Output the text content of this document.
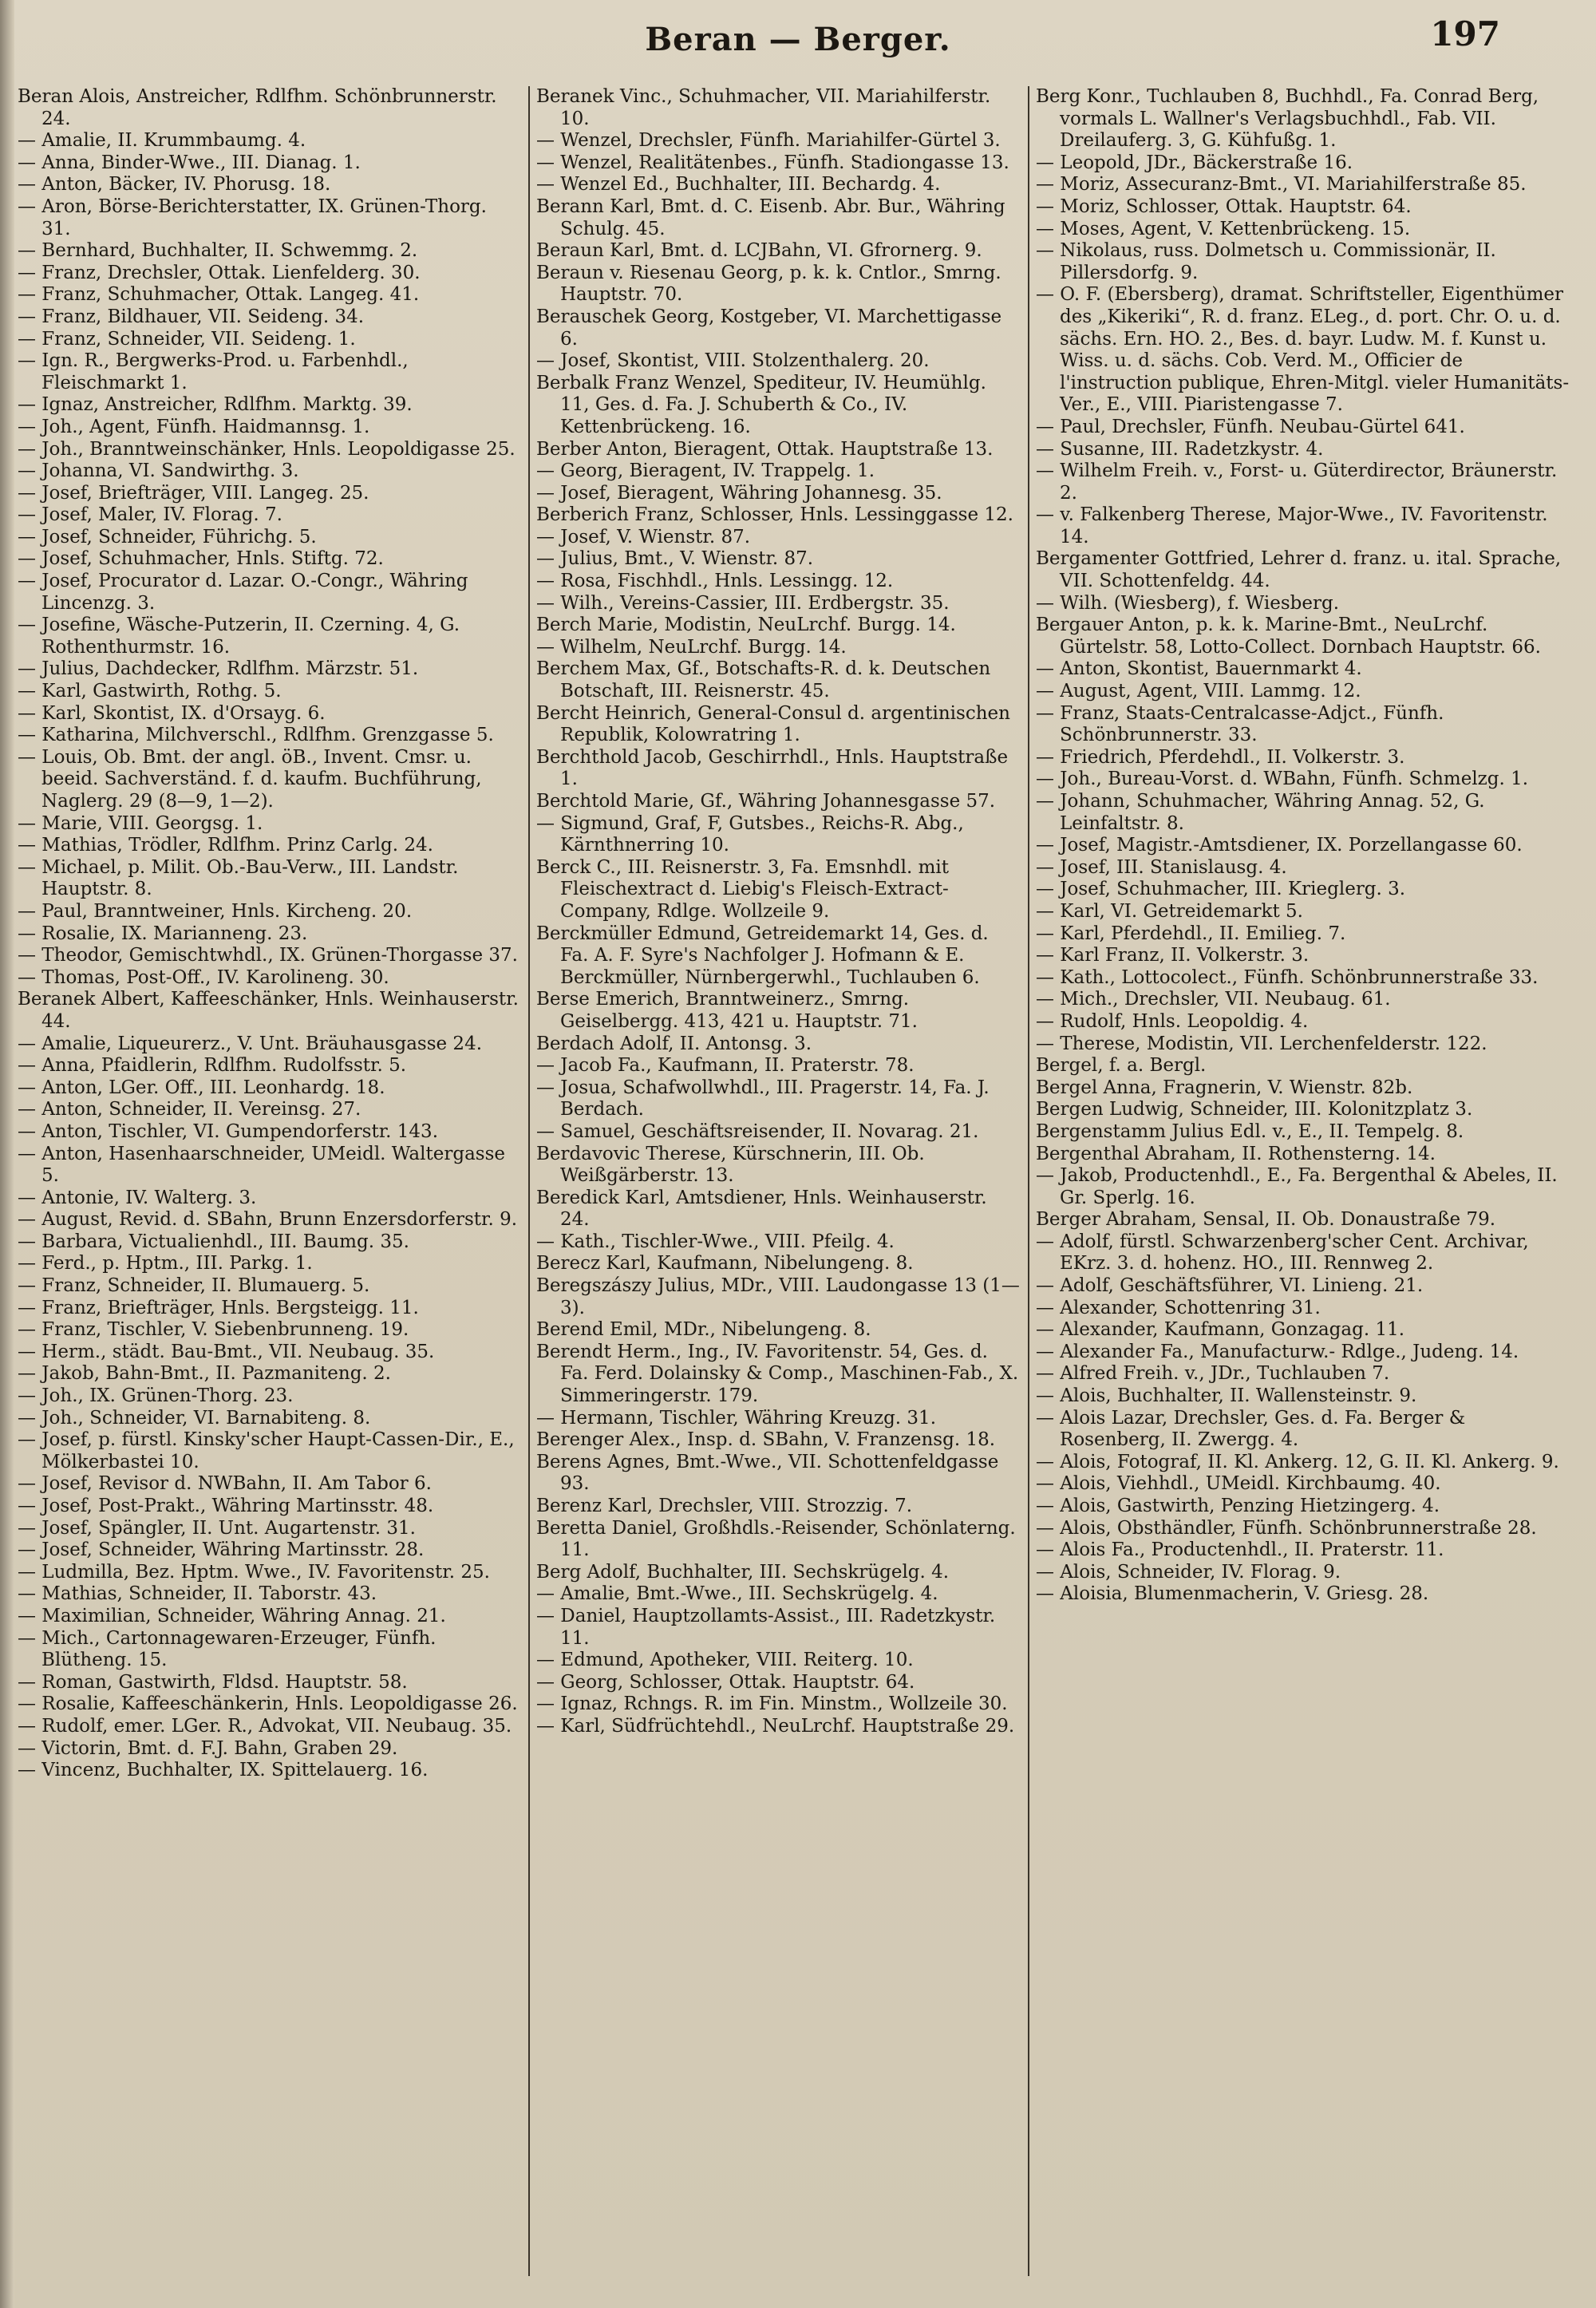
Beran — Berger.	197
Beran Alois, Anstreicher, Rdlfhm. Schönbrunnerstr. 24.
— Amalie, II. Krummbaumg. 4.
— Anna, Binder-Wwe., III. Dianag. 1.
— Anton, Bäcker, IV. Phorusg. 18.
— Aron, Börse-Berichterstatter, IX. Grünen-Thorg. 31.
— Bernhard, Buchhalter, II. Schwemmg. 2.
— Franz, Drechsler, Ottak. Lienfelderg. 30.
— Franz, Schuhmacher, Ottak. Langeg. 41.
— Franz, Bildhauer, VII. Seideng. 34.
— Franz, Schneider, VII. Seideng. 1.
— Ign. R., Bergwerks-Prod. u. Farbenhdl., Fleischmarkt 1.
— Ignaz, Anstreicher, Rdlfhm. Marktg. 39.
— Joh., Agent, Fünfh. Haidmannsg. 1.
— Joh., Branntweinschänker, Hnls. Leopoldigasse 25.
— Johanna, VI. Sandwirthg. 3.
— Josef, Briefträger, VIII. Langeg. 25.
— Josef, Maler, IV. Florag. 7.
— Josef, Schneider, Führichg. 5.
— Josef, Schuhmacher, Hnls. Stiftg. 72.
— Josef, Procurator d. Lazar. O.-Congr., Währing Lincenzg. 3.
— Josefine, Wäsche-Putzerin, II. Czerning. 4, G. Rothenthurmstr. 16.
— Julius, Dachdecker, Rdlfhm. Märzstr. 51.
— Karl, Gastwirth, Rothg. 5.
— Karl, Skontist, IX. d'Orsayg. 6.
— Katharina, Milchverschl., Rdlfhm. Grenzgasse 5.
— Louis, Ob. Bmt. der angl. öB., Invent. Cmsr. u. beeid. Sachverständ. f. d. kaufm. Buchführung, Naglerg. 29 (8—9, 1—2).
— Marie, VIII. Georgsg. 1.
— Mathias, Trödler, Rdlfhm. Prinz Carlg. 24.
— Michael, p. Milit. Ob.-Bau-Verw., III. Landstr. Hauptstr. 8.
— Paul, Branntweiner, Hnls. Kircheng. 20.
— Rosalie, IX. Marianneng. 23.
— Theodor, Gemischtwhdl., IX. Grünen-Thorgasse 37.
— Thomas, Post-Off., IV. Karolineng. 30.
Beranek Albert, Kaffeeschänker, Hnls. Weinhauserstr. 44.
— Amalie, Liqueurerz., V. Unt. Bräuhausgasse 24.
— Anna, Pfaidlerin, Rdlfhm. Rudolfsstr. 5.
— Anton, LGer. Off., III. Leonhardg. 18.
— Anton, Schneider, II. Vereinsg. 27.
— Anton, Tischler, VI. Gumpendorferstr. 143.
— Anton, Hasenhaarschneider, UMeidl. Waltergasse 5.
— Antonie, IV. Walterg. 3.
— August, Revid. d. SBahn, Brunn Enzersdorferstr. 9.
— Barbara, Victualienhdl., III. Baumg. 35.
— Ferd., p. Hptm., III. Parkg. 1.
— Franz, Schneider, II. Blumauerg. 5.
— Franz, Briefträger, Hnls. Bergsteigg. 11.
— Franz, Tischler, V. Siebenbrunneng. 19.
— Herm., städt. Bau-Bmt., VII. Neubaug. 35.
— Jakob, Bahn-Bmt., II. Pazmaniteng. 2.
— Joh., IX. Grünen-Thorg. 23.
— Joh., Schneider, VI. Barnabiteng. 8.
— Josef, p. fürstl. Kinsky'scher Haupt-Cassen-Dir., E., Mölkerbastei 10.
— Josef, Revisor d. NWBahn, II. Am Tabor 6.
— Josef, Post-Prakt., Währing Martinsstr. 48.
— Josef, Spängler, II. Unt. Augartenstr. 31.
— Josef, Schneider, Währing Martinsstr. 28.
— Ludmilla, Bez. Hptm. Wwe., IV. Favoritenstr. 25.
— Mathias, Schneider, II. Taborstr. 43.
— Maximilian, Schneider, Währing Annag. 21.
— Mich., Cartonnagewaren-Erzeuger, Fünfh. Blütheng. 15.
— Roman, Gastwirth, Fldsd. Hauptstr. 58.
— Rosalie, Kaffeeschänkerin, Hnls. Leopoldigasse 26.
— Rudolf, emer. LGer. R., Advokat, VII. Neubaug. 35.
— Victorin, Bmt. d. F.J. Bahn, Graben 29.
— Vincenz, Buchhalter, IX. Spittelauerg. 16.
Beranek Vinc., Schuhmacher, VII. Mariahilferstr. 10.
— Wenzel, Drechsler, Fünfh. Mariahilfer-Gürtel 3.
— Wenzel, Realitätenbes., Fünfh. Stadiongasse 13.
— Wenzel Ed., Buchhalter, III. Bechardg. 4.
Berann Karl, Bmt. d. C. Eisenb. Abr. Bur., Währing Schulg. 45.
Beraun Karl, Bmt. d. LCJBahn, VI. Gfrornerg. 9.
Beraun v. Riesenau Georg, p. k. k. Cntlor., Smrng. Hauptstr. 70.
Berauschek Georg, Kostgeber, VI. Marchettigasse 6.
— Josef, Skontist, VIII. Stolzenthalerg. 20.
Berbalk Franz Wenzel, Spediteur, IV. Heumühlg. 11, Ges. d. Fa. J. Schuberth & Co., IV. Kettenbrückeng. 16.
Berber Anton, Bieragent, Ottak. Hauptstraße 13.
— Georg, Bieragent, IV. Trappelg. 1.
— Josef, Bieragent, Währing Johannesg. 35.
Berberich Franz, Schlosser, Hnls. Lessinggasse 12.
— Josef, V. Wienstr. 87.
— Julius, Bmt., V. Wienstr. 87.
— Rosa, Fischhdl., Hnls. Lessingg. 12.
— Wilh., Vereins-Cassier, III. Erdbergstr. 35.
Berch Marie, Modistin, NeuLrchf. Burgg. 14.
— Wilhelm, NeuLrchf. Burgg. 14.
Berchem Max, Gf., Botschafts-R. d. k. Deutschen Botschaft, III. Reisnerstr. 45.
Bercht Heinrich, General-Consul d. argentinischen Republik, Kolowratring 1.
Berchthold Jacob, Geschirrhdl., Hnls. Hauptstraße 1.
Berchtold Marie, Gf., Währing Johannesgasse 57.
— Sigmund, Graf, F, Gutsbes., Reichs-R. Abg., Kärnthnerring 10.
Berck C., III. Reisnerstr. 3, Fa. Emsnhdl. mit Fleischextract d. Liebig's Fleisch-Extract-Company, Rdlge. Wollzeile 9.
Berckmüller Edmund, Getreidemarkt 14, Ges. d. Fa. A. F. Syre's Nachfolger J. Hofmann & E. Berckmüller, Nürnbergerwhl., Tuchlauben 6.
Berse Emerich, Branntweinerz., Smrng. Geiselbergg. 413, 421 u. Hauptstr. 71.
Berdach Adolf, II. Antonsg. 3.
— Jacob Fa., Kaufmann, II. Praterstr. 78.
— Josua, Schafwollwhdl., III. Pragerstr. 14, Fa. J. Berdach.
— Samuel, Geschäftsreisender, II. Novarag. 21.
Berdavovic Therese, Kürschnerin, III. Ob. Weißgärberstr. 13.
Beredick Karl, Amtsdiener, Hnls. Weinhauserstr. 24.
— Kath., Tischler-Wwe., VIII. Pfeilg. 4.
Berecz Karl, Kaufmann, Nibelungeng. 8.
Beregszászy Julius, MDr., VIII. Laudongasse 13 (1—3).
Berend Emil, MDr., Nibelungeng. 8.
Berendt Herm., Ing., IV. Favoritenstr. 54, Ges. d. Fa. Ferd. Dolainsky & Comp., Maschinen-Fab., X. Simmeringerstr. 179.
— Hermann, Tischler, Währing Kreuzg. 31.
Berenger Alex., Insp. d. SBahn, V. Franzensg. 18.
Berens Agnes, Bmt.-Wwe., VII. Schottenfeldgasse 93.
Berenz Karl, Drechsler, VIII. Strozzig. 7.
Beretta Daniel, Großhdls.-Reisender, Schönlaterng. 11.
Berg Adolf, Buchhalter, III. Sechskrügelg. 4.
— Amalie, Bmt.-Wwe., III. Sechskrügelg. 4.
— Daniel, Hauptzollamts-Assist., III. Radetzkystr. 11.
— Edmund, Apotheker, VIII. Reiterg. 10.
— Georg, Schlosser, Ottak. Hauptstr. 64.
— Ignaz, Rchngs. R. im Fin. Minstm., Wollzeile 30.
— Karl, Südfrüchtehdl., NeuLrchf. Hauptstraße 29.
Berg Konr., Tuchlauben 8, Buchhdl., Fa. Conrad Berg, vormals L. Wallner's Verlagsbuchhdl., Fab. VII. Dreilauferg. 3, G. Kühfußg. 1.
— Leopold, JDr., Bäckerstraße 16.
— Moriz, Assecuranz-Bmt., VI. Mariahilferstraße 85.
— Moriz, Schlosser, Ottak. Hauptstr. 64.
— Moses, Agent, V. Kettenbrückeng. 15.
— Nikolaus, russ. Dolmetsch u. Commissionär, II. Pillersdorfg. 9.
— O. F. (Ebersberg), dramat. Schriftsteller, Eigenthümer des „Kikeriki“, R. d. franz. ELeg., d. port. Chr. O. u. d. sächs. Ern. HO. 2., Bes. d. bayr. Ludw. M. f. Kunst u. Wiss. u. d. sächs. Cob. Verd. M., Officier de l'instruction publique, Ehren-Mitgl. vieler Humanitäts-Ver., E., VIII. Piaristengasse 7.
— Paul, Drechsler, Fünfh. Neubau-Gürtel 641.
— Susanne, III. Radetzkystr. 4.
— Wilhelm Freih. v., Forst- u. Güterdirector, Bräunerstr. 2.
— v. Falkenberg Therese, Major-Wwe., IV. Favoritenstr. 14.
Bergamenter Gottfried, Lehrer d. franz. u. ital. Sprache, VII. Schottenfeldg. 44.
— Wilh. (Wiesberg), f. Wiesberg.
Bergauer Anton, p. k. k. Marine-Bmt., NeuLrchf. Gürtelstr. 58, Lotto-Collect. Dornbach Hauptstr. 66.
— Anton, Skontist, Bauernmarkt 4.
— August, Agent, VIII. Lammg. 12.
— Franz, Staats-Centralcasse-Adjct., Fünfh. Schönbrunnerstr. 33.
— Friedrich, Pferdehdl., II. Volkerstr. 3.
— Joh., Bureau-Vorst. d. WBahn, Fünfh. Schmelzg. 1.
— Johann, Schuhmacher, Währing Annag. 52, G. Leinfaltstr. 8.
— Josef, Magistr.-Amtsdiener, IX. Porzellangasse 60.
— Josef, III. Stanislausg. 4.
— Josef, Schuhmacher, III. Krieglerg. 3.
— Karl, VI. Getreidemarkt 5.
— Karl, Pferdehdl., II. Emilieg. 7.
— Karl Franz, II. Volkerstr. 3.
— Kath., Lottocolect., Fünfh. Schönbrunnerstraße 33.
— Mich., Drechsler, VII. Neubaug. 61.
— Rudolf, Hnls. Leopoldig. 4.
— Therese, Modistin, VII. Lerchenfelderstr. 122.
Bergel, f. a. Bergl.
Bergel Anna, Fragnerin, V. Wienstr. 82b.
Bergen Ludwig, Schneider, III. Kolonitzplatz 3.
Bergenstamm Julius Edl. v., E., II. Tempelg. 8.
Bergenthal Abraham, II. Rothensterng. 14.
— Jakob, Productenhdl., E., Fa. Bergenthal & Abeles, II. Gr. Sperlg. 16.
Berger Abraham, Sensal, II. Ob. Donaustraße 79.
— Adolf, fürstl. Schwarzenberg'scher Cent. Archivar, EKrz. 3. d. hohenz. HO., III. Rennweg 2.
— Adolf, Geschäftsführer, VI. Linieng. 21.
— Alexander, Schottenring 31.
— Alexander, Kaufmann, Gonzagag. 11.
— Alexander Fa., Manufacturw.- Rdlge., Judeng. 14.
— Alfred Freih. v., JDr., Tuchlauben 7.
— Alois, Buchhalter, II. Wallensteinstr. 9.
— Alois Lazar, Drechsler, Ges. d. Fa. Berger & Rosenberg, II. Zwergg. 4.
— Alois, Fotograf, II. Kl. Ankerg. 12, G. II. Kl. Ankerg. 9.
— Alois, Viehhdl., UMeidl. Kirchbaumg. 40.
— Alois, Gastwirth, Penzing Hietzingerg. 4.
— Alois, Obsthändler, Fünfh. Schönbrunnerstraße 28.
— Alois Fa., Productenhdl., II. Praterstr. 11.
— Alois, Schneider, IV. Florag. 9.
— Aloisia, Blumenmacherin, V. Griesg. 28.
